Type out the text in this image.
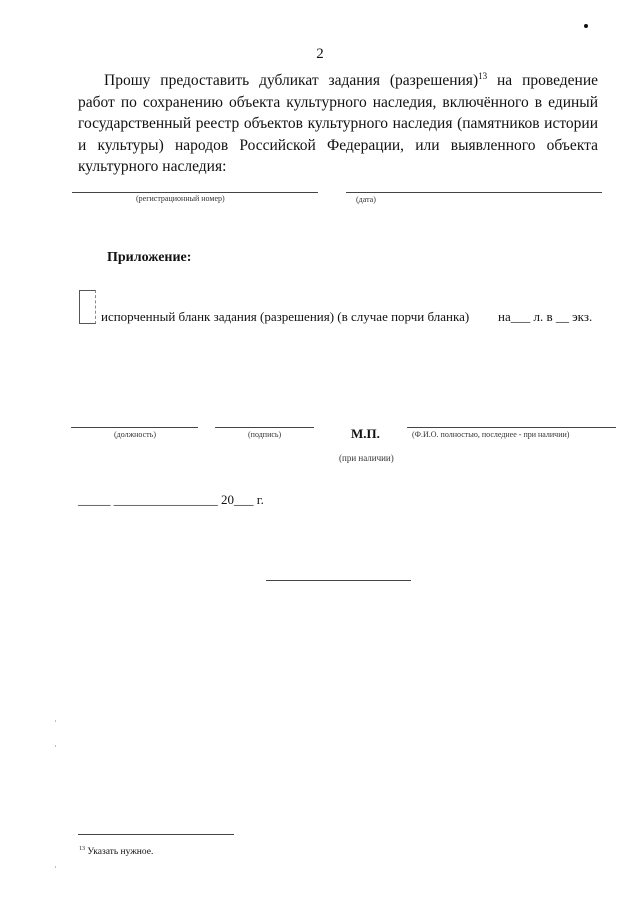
2
Прошу предоставить дубликат задания (разрешения)$^{13}$ на проведение работ по сохранению объекта культурного наследия, включённого в единый государственный реестр объектов культурного наследия (памятников истории и культуры) народов Российской Федерации, или выявленного объекта культурного наследия:
(регистрационный номер)	(дата)
Приложение:
испорченный бланк задания (разрешения) (в случае порчи бланка) на___ л. в __ экз.
(должность)	(подпись)	М.П.
(при наличии)
(Ф.И.О. полностью, последнее - при наличии)
_____ ________________ 20___ г.
$^{13}$ Указать нужное.
